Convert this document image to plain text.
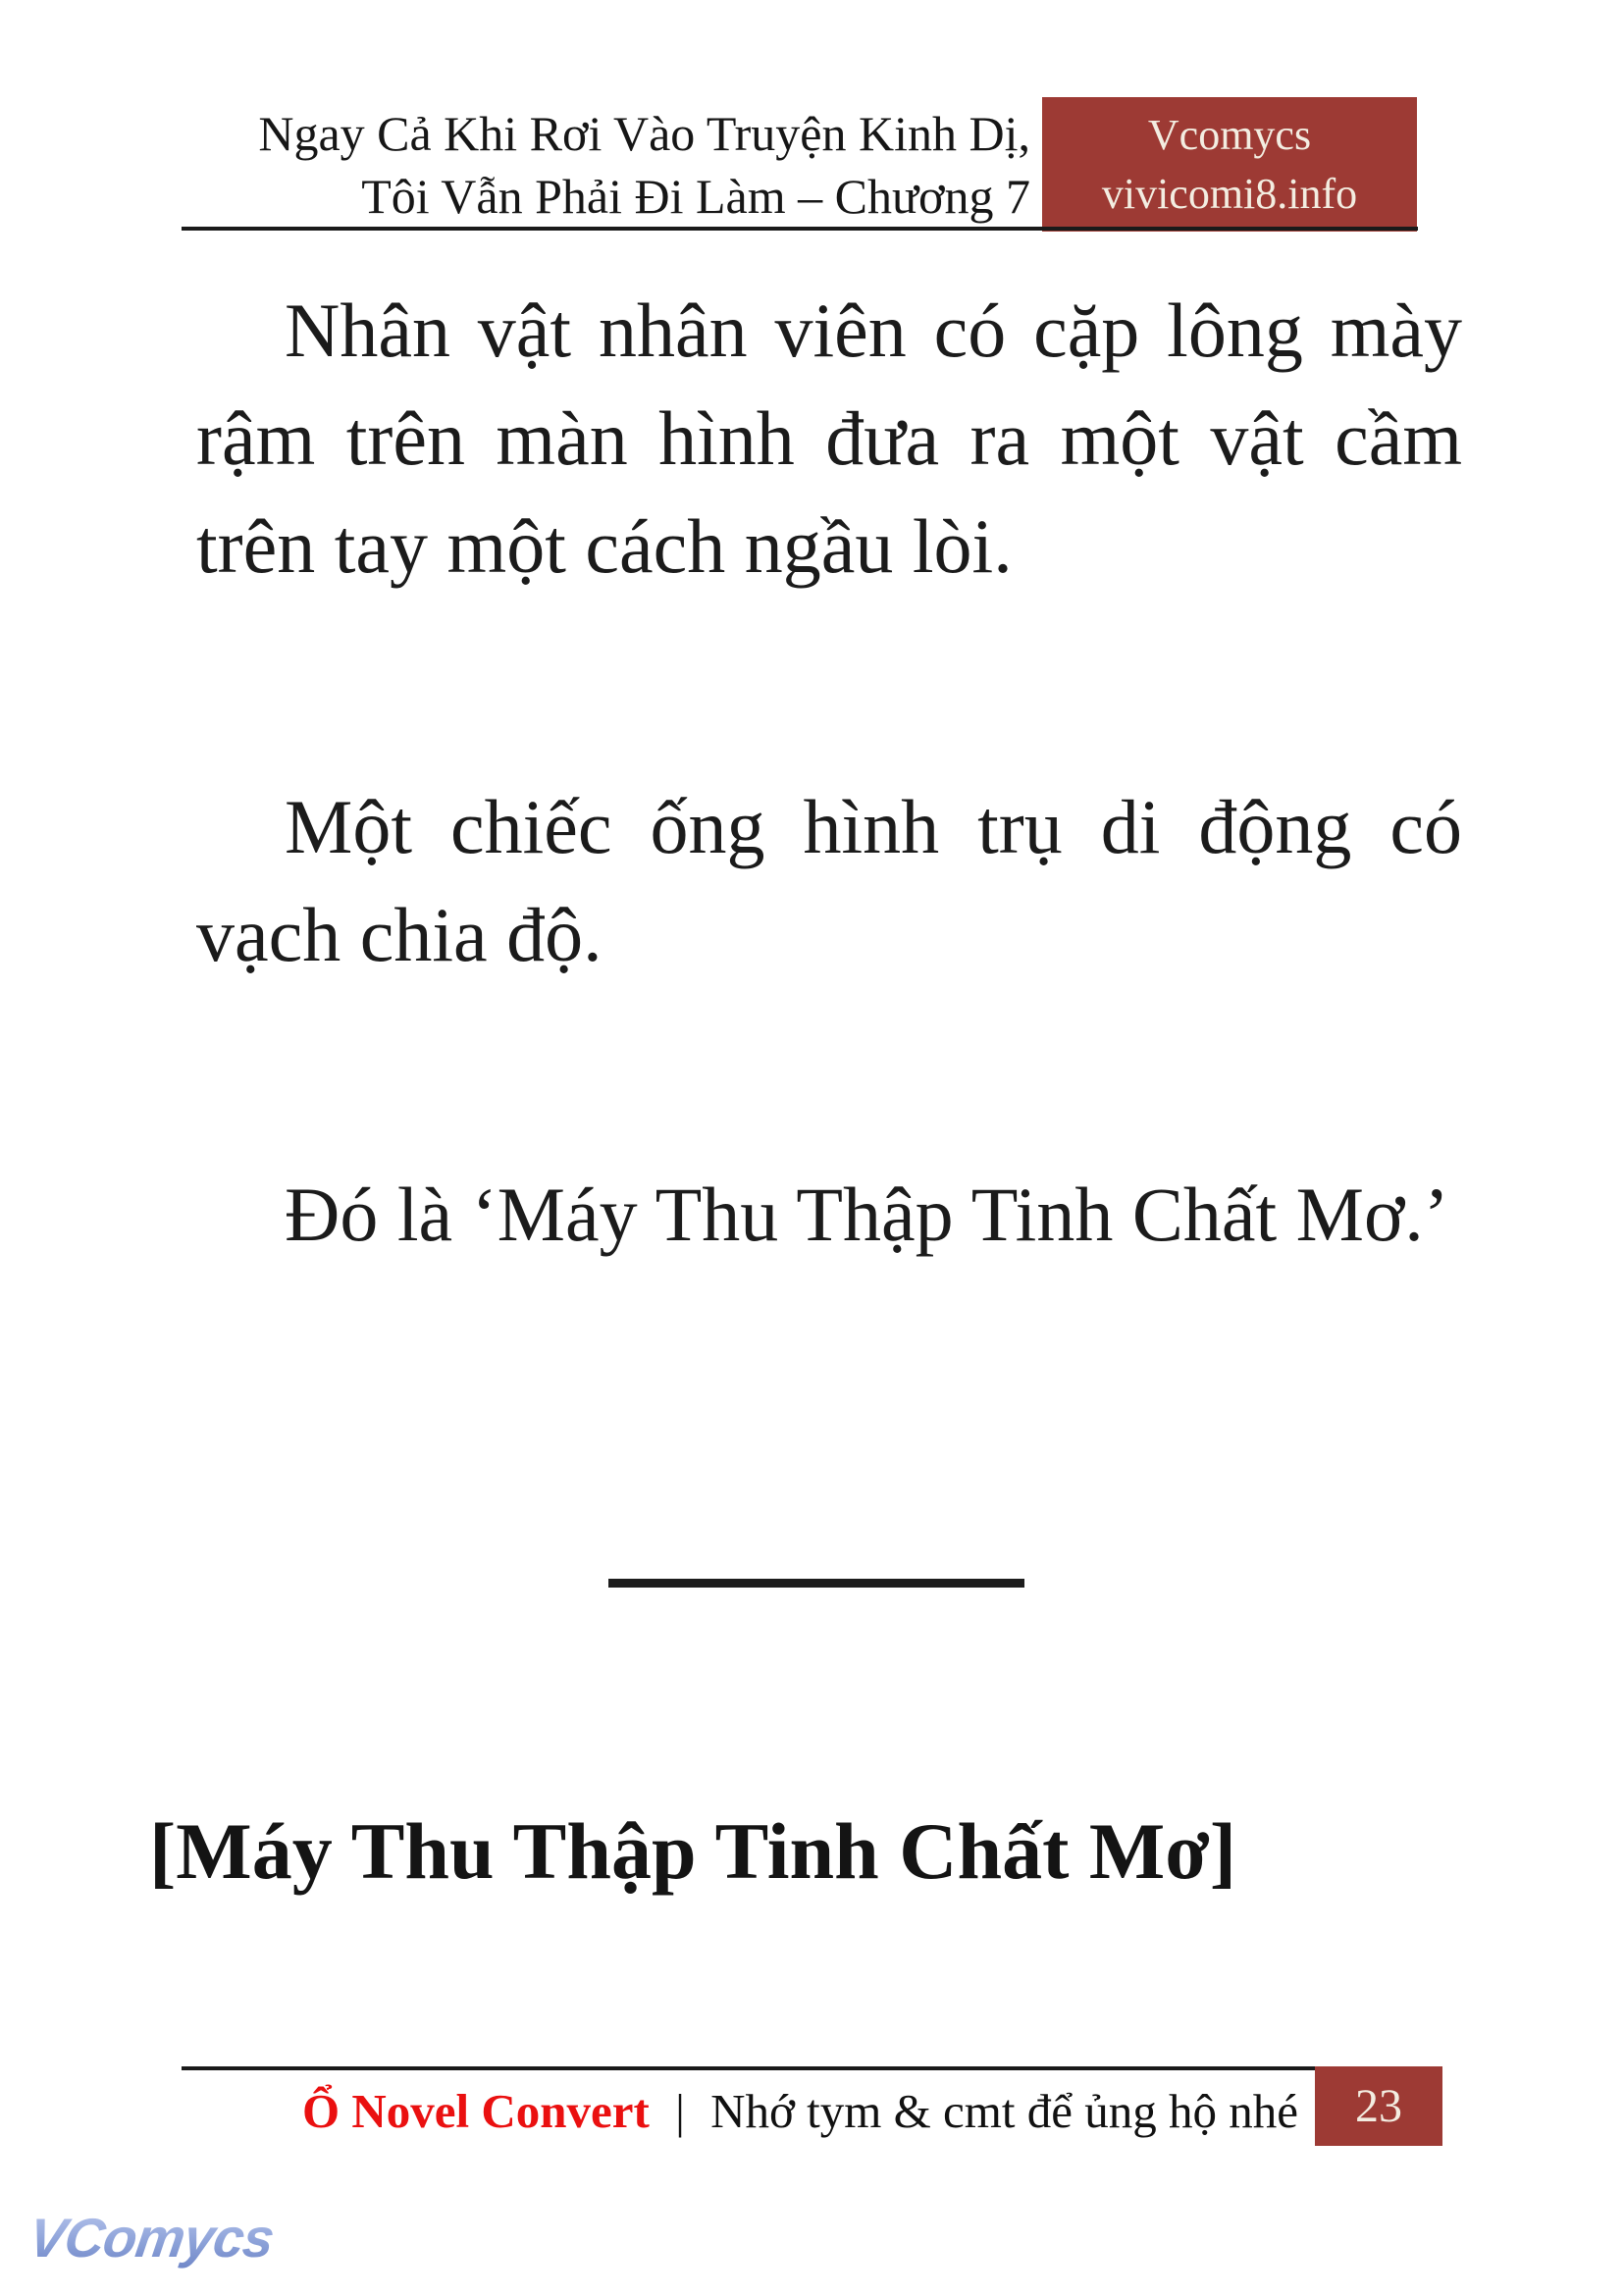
Ngay Cả Khi Rơi Vào Truyện Kinh Dị,
Tôi Vẫn Phải Đi Làm – Chương 7
Vcomycs
vivicomi8.info

Nhân vật nhân viên có cặp lông mày rậm trên màn hình đưa ra một vật cầm trên tay một cách ngầu lòi.

Một chiếc ống hình trụ di động có vạch chia độ.

Đó là ‘Máy Thu Thập Tinh Chất Mơ.’

[Máy Thu Thập Tinh Chất Mơ]

Ổ Novel Convert | Nhớ tym & cmt để ủng hộ nhé 23
VComycs
